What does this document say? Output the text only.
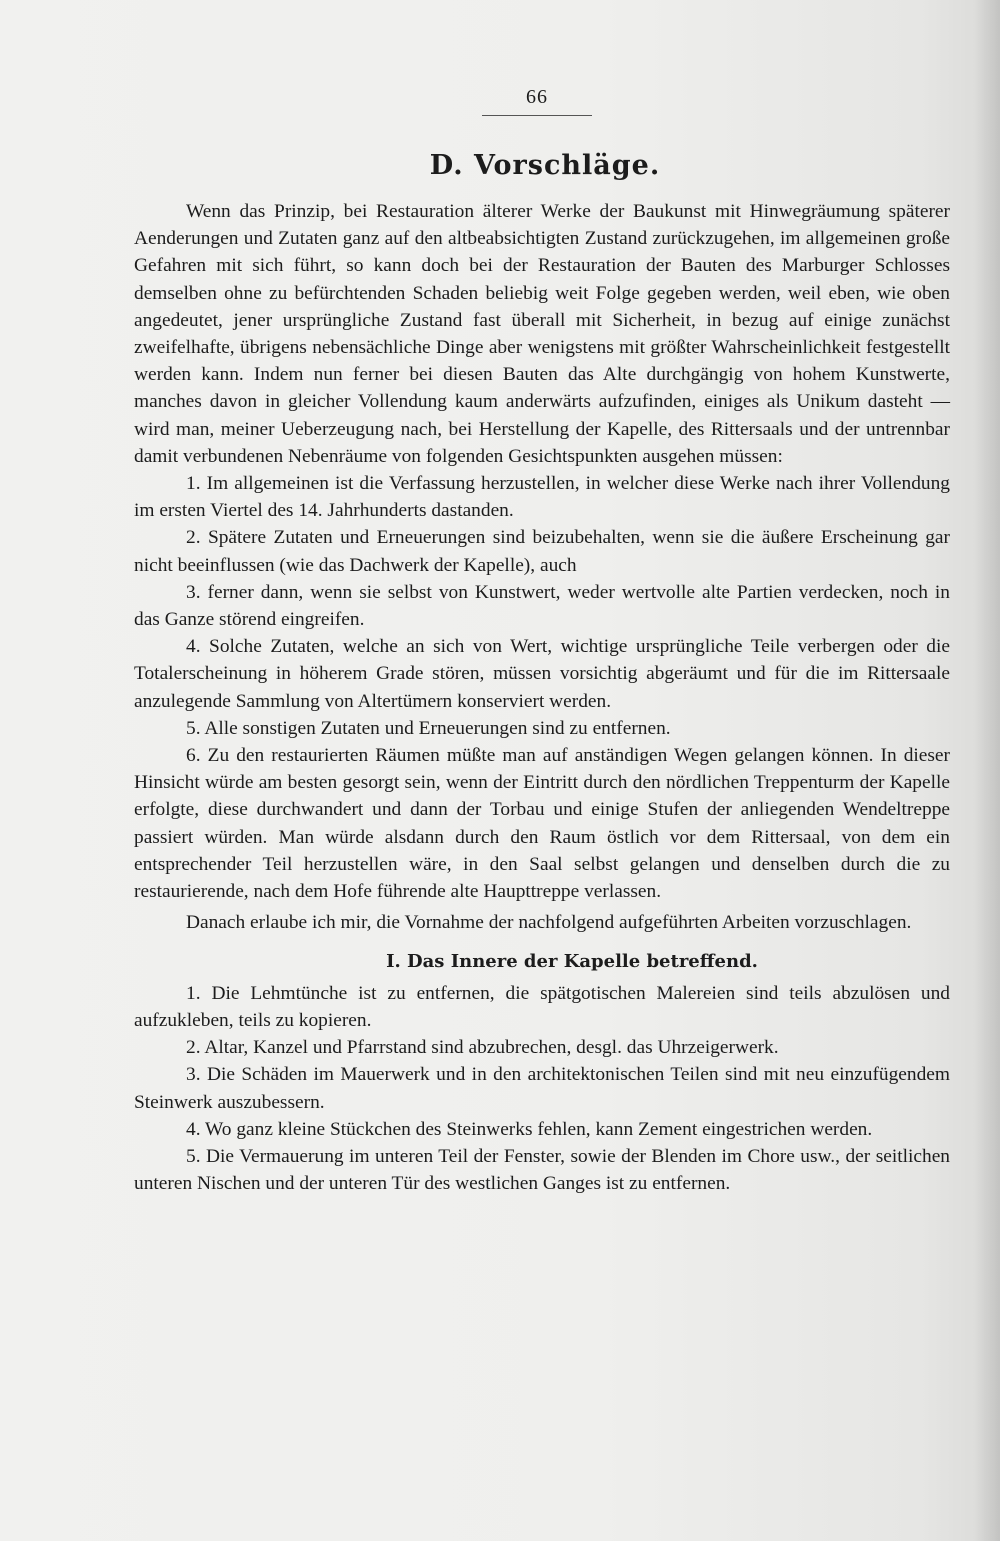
66
D. Vorschläge.

Wenn das Prinzip, bei Restauration älterer Werke der Baukunst mit Hinwegräumung späterer Aenderungen und Zutaten ganz auf den altbeabsichtigten Zustand zurückzugehen, im allgemeinen große Gefahren mit sich führt, so kann doch bei der Restauration der Bauten des Marburger Schlosses demselben ohne zu befürchtenden Schaden beliebig weit Folge gegeben werden, weil eben, wie oben angedeutet, jener ursprüngliche Zustand fast überall mit Sicherheit, in bezug auf einige zunächst zweifelhafte, übrigens nebensächliche Dinge aber wenigstens mit größter Wahrscheinlichkeit festgestellt werden kann. Indem nun ferner bei diesen Bauten das Alte durchgängig von hohem Kunstwerte, manches davon in gleicher Vollendung kaum anderwärts aufzufinden, einiges als Unikum dasteht — wird man, meiner Ueberzeugung nach, bei Herstellung der Kapelle, des Rittersaals und der untrennbar damit verbundenen Nebenräume von folgenden Gesichtspunkten ausgehen müssen:

1. Im allgemeinen ist die Verfassung herzustellen, in welcher diese Werke nach ihrer Vollendung im ersten Viertel des 14. Jahrhunderts dastanden.

2. Spätere Zutaten und Erneuerungen sind beizubehalten, wenn sie die äußere Erscheinung gar nicht beeinflussen (wie das Dachwerk der Kapelle), auch

3. ferner dann, wenn sie selbst von Kunstwert, weder wertvolle alte Partien verdecken, noch in das Ganze störend eingreifen.

4. Solche Zutaten, welche an sich von Wert, wichtige ursprüngliche Teile verbergen oder die Totalerscheinung in höherem Grade stören, müssen vorsichtig abgeräumt und für die im Rittersaale anzulegende Sammlung von Altertümern konserviert werden.

5. Alle sonstigen Zutaten und Erneuerungen sind zu entfernen.

6. Zu den restaurierten Räumen müßte man auf anständigen Wegen gelangen können. In dieser Hinsicht würde am besten gesorgt sein, wenn der Eintritt durch den nördlichen Treppenturm der Kapelle erfolgte, diese durchwandert und dann der Torbau und einige Stufen der anliegenden Wendeltreppe passiert würden. Man würde alsdann durch den Raum östlich vor dem Rittersaal, von dem ein entsprechender Teil herzustellen wäre, in den Saal selbst gelangen und denselben durch die zu restaurierende, nach dem Hofe führende alte Haupttreppe verlassen.

Danach erlaube ich mir, die Vornahme der nachfolgend aufgeführten Arbeiten vorzuschlagen.

I. Das Innere der Kapelle betreffend.

1. Die Lehmtünche ist zu entfernen, die spätgotischen Malereien sind teils abzulösen und aufzukleben, teils zu kopieren.

2. Altar, Kanzel und Pfarrstand sind abzubrechen, desgl. das Uhrzeigerwerk.

3. Die Schäden im Mauerwerk und in den architektonischen Teilen sind mit neu einzufügendem Steinwerk auszubessern.

4. Wo ganz kleine Stückchen des Steinwerks fehlen, kann Zement eingestrichen werden.

5. Die Vermauerung im unteren Teil der Fenster, sowie der Blenden im Chore usw., der seitlichen unteren Nischen und der unteren Tür des westlichen Ganges ist zu entfernen.
